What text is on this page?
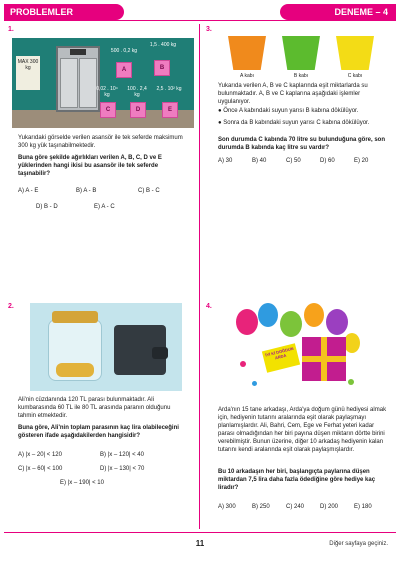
PROBLEMLER	DENEME – 4
1.
MAX 300 kg
500 . 0,2 kg
1,5 . 400 kg
0,02 . 10⁴ kg
100 . 2,4 kg
2,5 . 10² kg
A	B
C	D	E
Yukarıdaki görselde verilen asansör ile tek seferde maksimum 300 kg yük taşınabilmektedir.
Buna göre şekilde ağırlıkları verilen A, B, C, D ve E yüklerinden hangi ikisi bu asansör ile tek seferde taşınabilir?
A) A - E	B) A - B	C) B - C
D) B - D	E) A - C
3.
A kabı	B kabı	C kabı
Yukarıda verilen A, B ve C kaplarında eşit miktarlarda su bulunmaktadır. A, B ve C kaplarına aşağıdaki işlemler uygulanıyor.
● Önce A kabındaki suyun yarısı B kabına dökülüyor.
● Sonra da B kabındaki suyun yarısı C kabına dökülüyor.
Son durumda C kabında 70 litre su bulunduğuna göre, son durumda B kabında kaç litre su vardır?
A) 30	B) 40	C) 50	D) 60	E) 20
2.
Ali'nin cüzdanında 120 TL parası bulunmaktadır. Ali kumbarasında 60 TL ile 80 TL arasında paranın olduğunu tahmin etmektedir.
Buna göre, Ali'nin toplam parasının kaç lira olabileceğini gösteren ifade aşağıdakilerden hangisidir?
A) |x – 20| < 120	B) |x – 120| < 40
C) |x – 60| < 100	D) |x – 130| < 70
E) |x – 190| < 10
4.
İYİ Kİ DOĞDUN ARDA
Arda'nın 15 tane arkadaşı, Arda'ya doğum günü hediyesi almak için, hediyenin tutarını aralarında eşit olarak paylaşmayı planlamışlardır. Ali, Bahri, Cem, Ege ve Ferhat yeteri kadar parası olmadığından her biri payına düşen miktarın dörtte birini verebilmiştir. Bunun üzerine, diğer 10 arkadaş hediyenin kalan tutarını kendi aralarında eşit olarak paylaşmışlardır.
Bu 10 arkadaşın her biri, başlangıçta paylarına düşen miktardan 7,5 lira daha fazla ödediğine göre hediye kaç liradır?
A) 300	B) 250	C) 240	D) 200	E) 180
11	Diğer sayfaya geçiniz.
